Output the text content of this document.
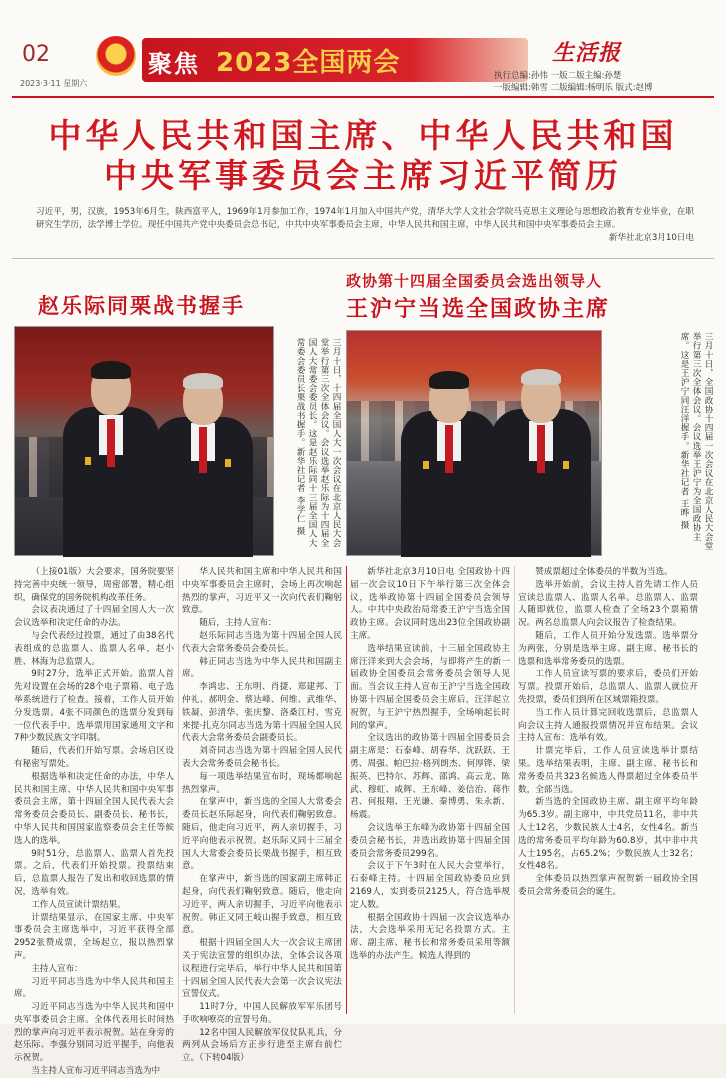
02
2023·3·11 星期六
★ 聚焦 2023全国两会	生活报
执行总编:孙伟 一版二版主编:孙楚
一版编辑:韩雪 二版编辑:杨明乐 版式:赵博
中华人民共和国主席、中华人民共和国
中央军事委员会主席习近平简历
习近平，男，汉族，1953年6月生，陕西富平人，1969年1月参加工作，1974年1月加入中国共产党，清华大学人文社会学院马克思主义理论与思想政治教育专业毕业，在职研究生学历，法学博士学位。现任中国共产党中央委员会总书记，中共中央军事委员会主席，中华人民共和国主席，中华人民共和国中央军事委员会主席。
新华社北京3月10日电
赵乐际同栗战书握手
政协第十四届全国委员会选出领导人
王沪宁当选全国政协主席
三月十日，十四届全国人大一次会议在北京人民大会堂举行第三次全体会议。会议选举赵乐际为十四届全国人大常委会委员长。这是赵乐际同十三届全国人大常委会委员长栗战书握手。新华社记者 李学仁 摄	三月十日，全国政协十四届一次会议在北京人民大会堂举行第三次全体会议。会议选举王沪宁为全国政协主席。这是王沪宁同汪洋握手。新华社记者 王晔 摄

（上接01版）大会要求，国务院要坚持完善中央统一领导，周密部署，精心组织，确保党的国务院机构改革任务。

会议表决通过了十四届全国人大一次会议选举和决定任命的办法。

与会代表经过投票，通过了由38名代表组成的总监票人、监票人名单，赵小胜、林海为总监票人。

9时27分，选举正式开始。监票人首先对设置在会场的28个电子票箱、电子选举系统进行了检查。接着，工作人员开始分发选票。4张不同颜色的选票分发到每一位代表手中。选举票用国家通用文字和7种少数民族文字印制。

随后，代表们开始写票。会场启区设有秘密写票处。

根据选举和决定任命的办法，中华人民共和国主席、中华人民共和国中央军事委员会主席，第十四届全国人民代表大会常务委员会委员长、副委员长、秘书长，中华人民共和国国家监察委员会主任等候选人的选举。

9时51分，总监票人、监票人首先投票。之后，代表们开始投票。投票结束后，总监票人报告了发出和收回选票的情况，选举有效。

工作人员宣读计票结果。

计票结果显示，在国家主席、中央军事委员会主席选举中，习近平获得全部2952张赞成票，全场起立，报以热烈掌声。

主持人宣布：

习近平同志当选为中华人民共和国主席。

习近平同志当选为中华人民共和国中央军事委员会主席。全体代表用长时间热烈的掌声向习近平表示祝贺。站在身旁的赵乐际、李强分别同习近平握手，向他表示祝贺。

当主持人宣布习近平同志当选为中

华人民共和国主席和中华人民共和国中央军事委员会主席时，会场上再次响起热烈的掌声，习近平又一次向代表们鞠躬致意。

随后，主持人宣布：

赵乐际同志当选为第十四届全国人民代表大会常务委员会委员长。

韩正同志当选为中华人民共和国副主席。

李鸿忠、王东明、肖捷、郑建邦、丁仲礼、郝明金、蔡达峰、何维、武维华、铁凝、彭清华、张庆黎、洛桑江村、雪克来提·扎克尔同志当选为第十四届全国人民代表大会常务委员会副委员长。

刘奇同志当选为第十四届全国人民代表大会常务委员会秘书长。

每一项选举结果宣布时，现场都响起热烈掌声。

在掌声中，新当选的全国人大常委会委员长赵乐际起身，向代表们鞠躬致意。随后，他走向习近平，两人亲切握手，习近平向他表示祝贺。赵乐际又同十三届全国人大常委会委员长栗战书握手，相互致意。

在掌声中，新当选的国家副主席韩正起身，向代表们鞠躬致意。随后，他走向习近平，两人亲切握手，习近平向他表示祝贺。韩正又同王岐山握手致意，相互致意。

根据十四届全国人大一次会议主席团关于宪法宣誓的组织办法，全体会议各项议程进行完毕后，举行中华人民共和国第十四届全国人民代表大会第一次会议宪法宣誓仪式。

11时7分，中国人民解放军军乐团号手吹响嘹亮的宣誓号角。

12名中国人民解放军仪仗队礼兵，分两列从会场后方正步行进至主席台前伫立。（下转04版）

新华社北京3月10日电 全国政协十四届一次会议10日下午举行第三次全体会议，选举政协第十四届全国委员会领导人。中共中央政治局常委王沪宁当选全国政协主席。会议同时选出23位全国政协副主席。

选举结果宣读前，十三届全国政协主席汪洋来到大会会场，与即将产生的新一届政协全国委员会常务委员会领导人见面。当会议主持人宣布王沪宁当选全国政协第十四届全国委员会主席后，汪洋起立祝贺，与王沪宁热烈握手，全场响起长时间的掌声。

全议选出的政协第十四届全国委员会副主席是：石泰峰、胡春华、沈跃跃、王勇、周强、帕巴拉·格列朗杰、何厚铧、梁振英、巴特尔、苏辉、邵鸿、高云龙、陈武、穆虹、咸辉、王东峰、姜信治、蒋作君、何报翔、王光谦、秦博勇、朱永新、杨震。

会议选举王东峰为政协第十四届全国委员会秘书长，并选出政协第十四届全国委员会常务委员299名。

会议于下午3时在人民大会堂举行，石泰峰主持。十四届全国政协委员应到2169人，实到委员2125人，符合选举规定人数。

根据全国政协十四届一次会议选举办法，大会选举采用无记名投票方式。主席、副主席、秘书长和常务委员采用等额选举的办法产生。候选人得到的

赞成票超过全体委员的半数为当选。

选举开始前，会议主持人首先请工作人员宣读总监票人、监票人名单。总监票人、监票人随即就位，监票人检查了全场23个票箱情况。两名总监票人向会议报告了检查结果。

随后，工作人员开始分发选票。选举票分为两张，分别是选举主席、副主席、秘书长的选票和选举常务委员的选票。

工作人员宣读写票的要求后，委员们开始写票。投票开始后，总监票人、监票人就位开先投票，委员们到所在区域票箱投票。

当工作人员计算完回收选票后，总监票人向会议主持人通报投票情况并宣布结果。会议主持人宣布：选举有效。

计票完毕后，工作人员宣读选举计票结果。选举结果表明，主席、副主席、秘书长和常务委员共323名候选人得票超过全体委员半数，全部当选。

新当选的全国政协主席、副主席平均年龄为65.3岁。副主席中，中共党员11名，非中共人士12名，少数民族人士4名，女性4名。新当选的常务委员平均年龄为60.8岁，其中非中共人士195名，占65.2%；少数民族人士32名；女性48名。

全体委员以热烈掌声祝贺新一届政协全国委员会常务委员会的诞生。
